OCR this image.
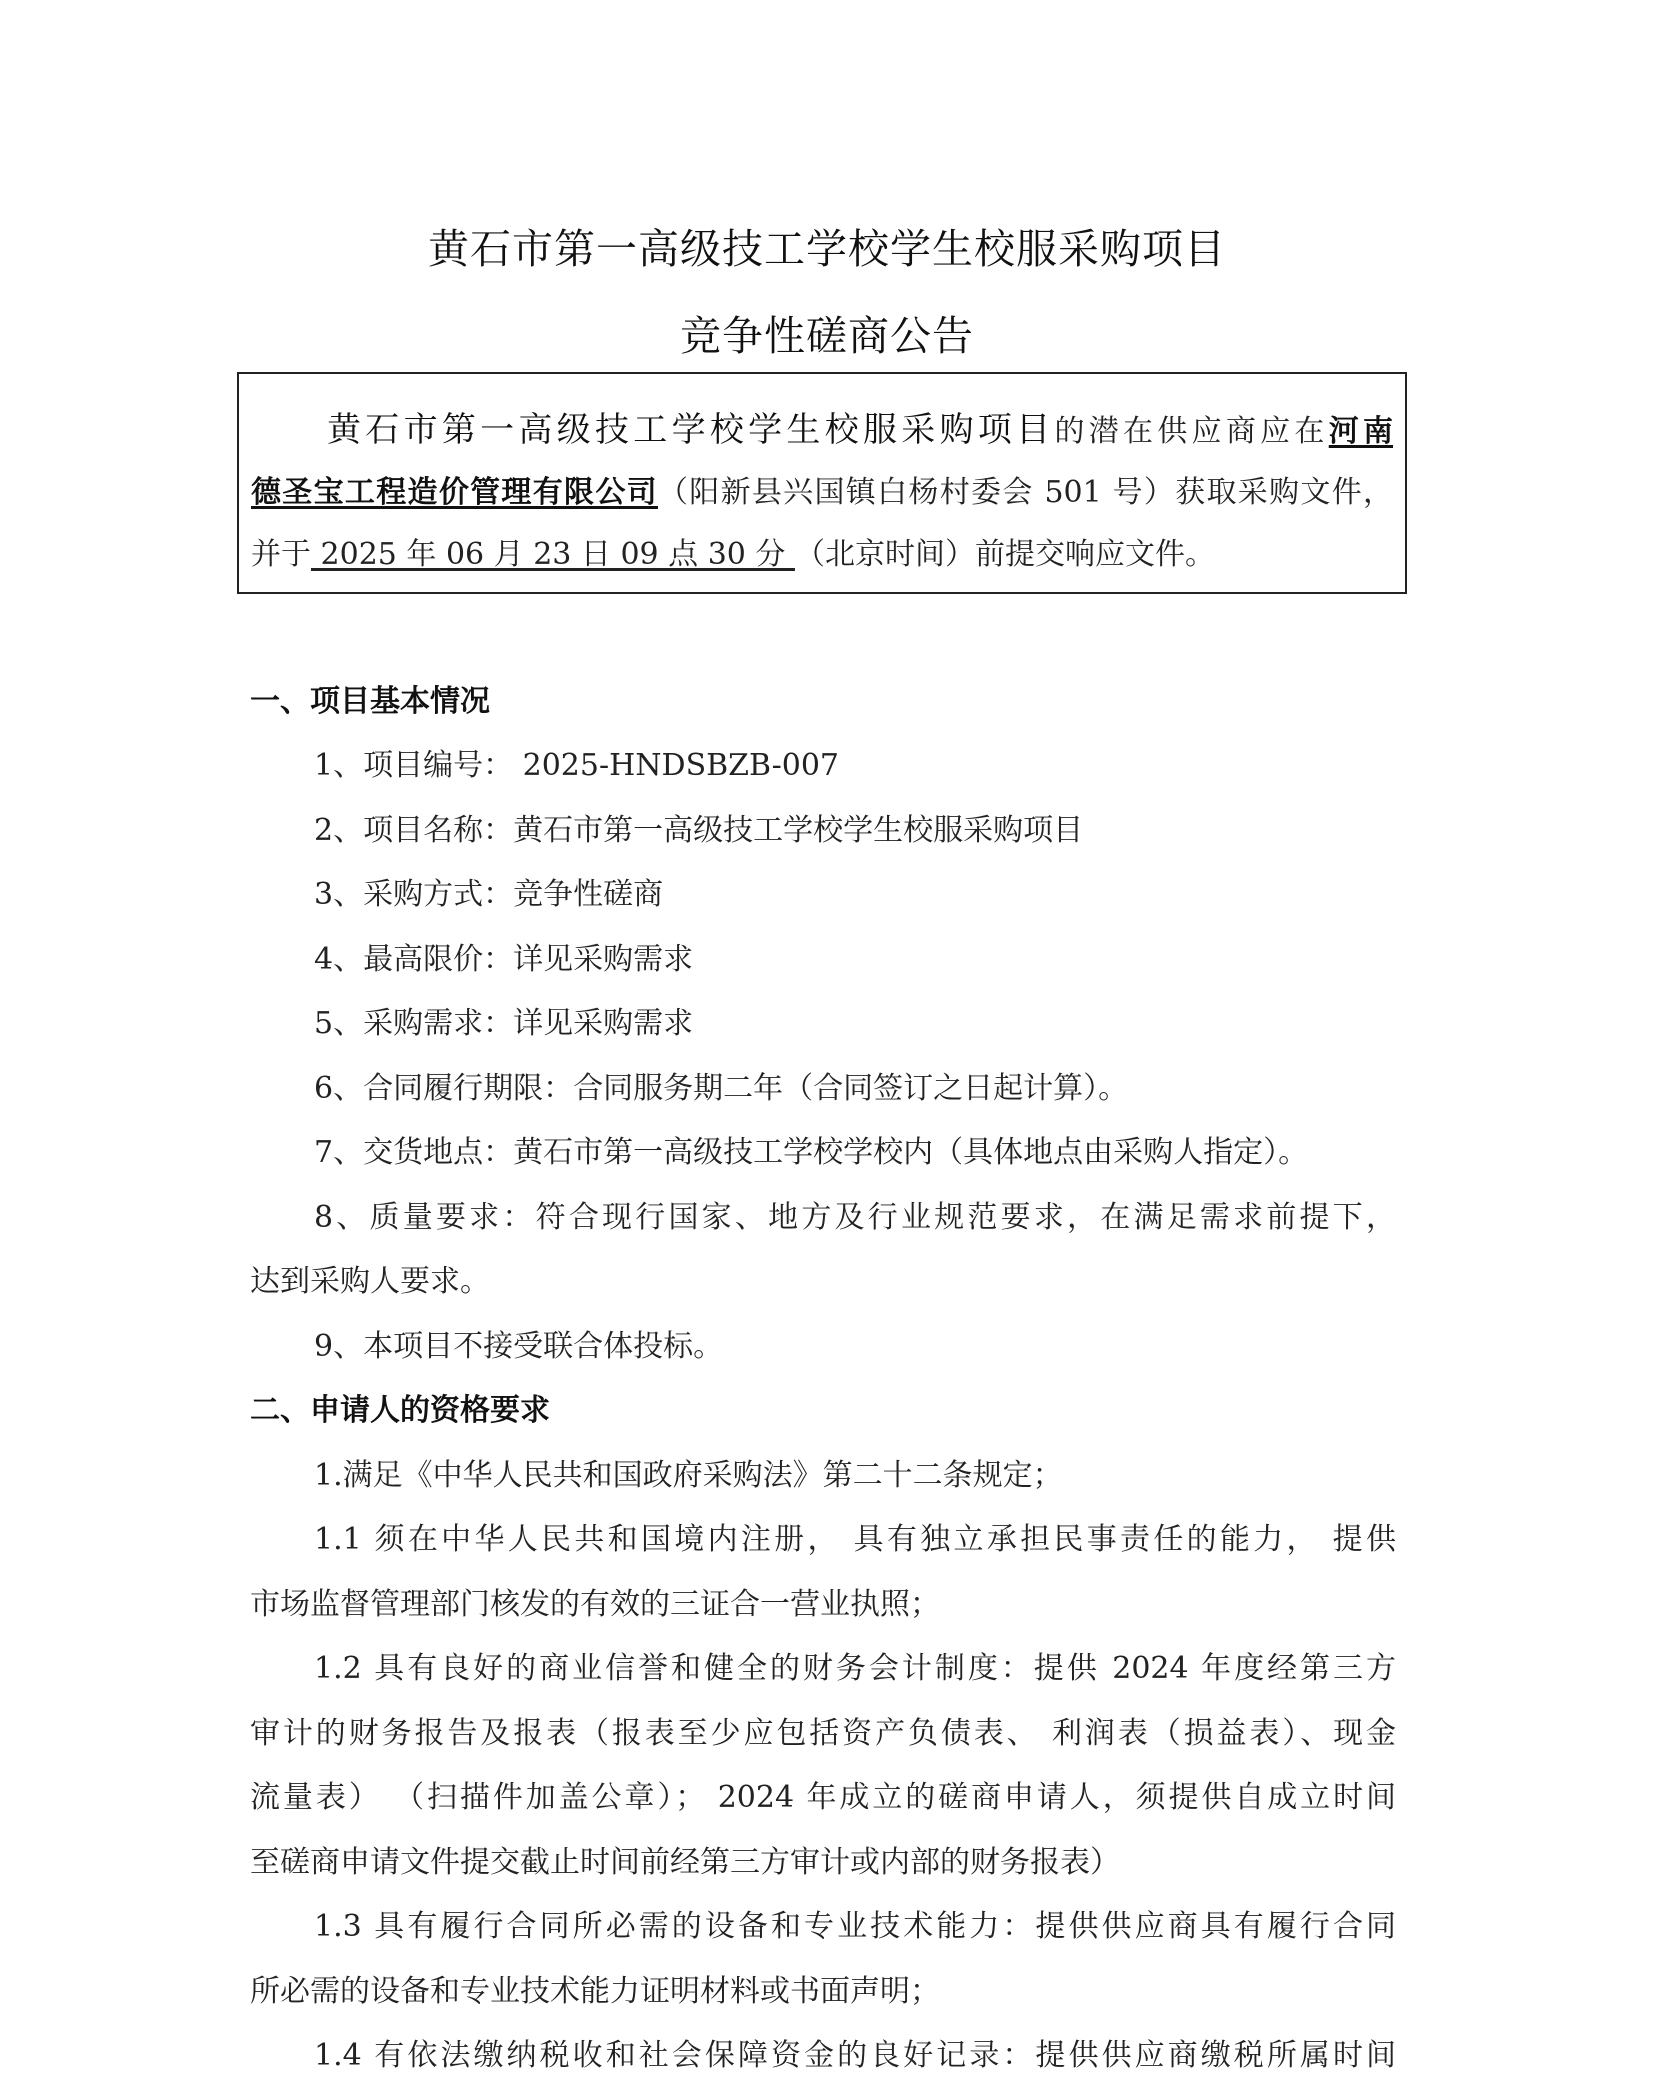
黄石市第一高级技工学校学生校服采购项目
竞争性磋商公告
黄石市第一高级技工学校学生校服采购项目的潜在供应商应在河南
德圣宝工程造价管理有限公司（阳新县兴国镇白杨村委会 501 号）获取采购文件，
并于 2025 年 06 月 23 日 09 点 30 分 （北京时间）前提交响应文件。
一、项目基本情况
1、项目编号： 2025-HNDSBZB-007
2、项目名称：黄石市第一高级技工学校学生校服采购项目
3、采购方式：竞争性磋商
4、最高限价：详见采购需求
5、采购需求：详见采购需求
6、合同履行期限：合同服务期二年（合同签订之日起计算）。
7、交货地点：黄石市第一高级技工学校学校内（具体地点由采购人指定）。
8、质量要求：符合现行国家、地方及行业规范要求，在满足需求前提下，
达到采购人要求。
9、本项目不接受联合体投标。
二、申请人的资格要求
1.满足《中华人民共和国政府采购法》第二十二条规定；
1.1 须在中华人民共和国境内注册， 具有独立承担民事责任的能力， 提供
市场监督管理部门核发的有效的三证合一营业执照；
1.2 具有良好的商业信誉和健全的财务会计制度：提供 2024 年度经第三方
审计的财务报告及报表（报表至少应包括资产负债表、 利润表（损益表）、现金
流量表） （扫描件加盖公章）； 2024 年成立的磋商申请人，须提供自成立时间
至磋商申请文件提交截止时间前经第三方审计或内部的财务报表）
1.3 具有履行合同所必需的设备和专业技术能力：提供供应商具有履行合同
所必需的设备和专业技术能力证明材料或书面声明；
1.4 有依法缴纳税收和社会保障资金的良好记录：提供供应商缴税所属时间
